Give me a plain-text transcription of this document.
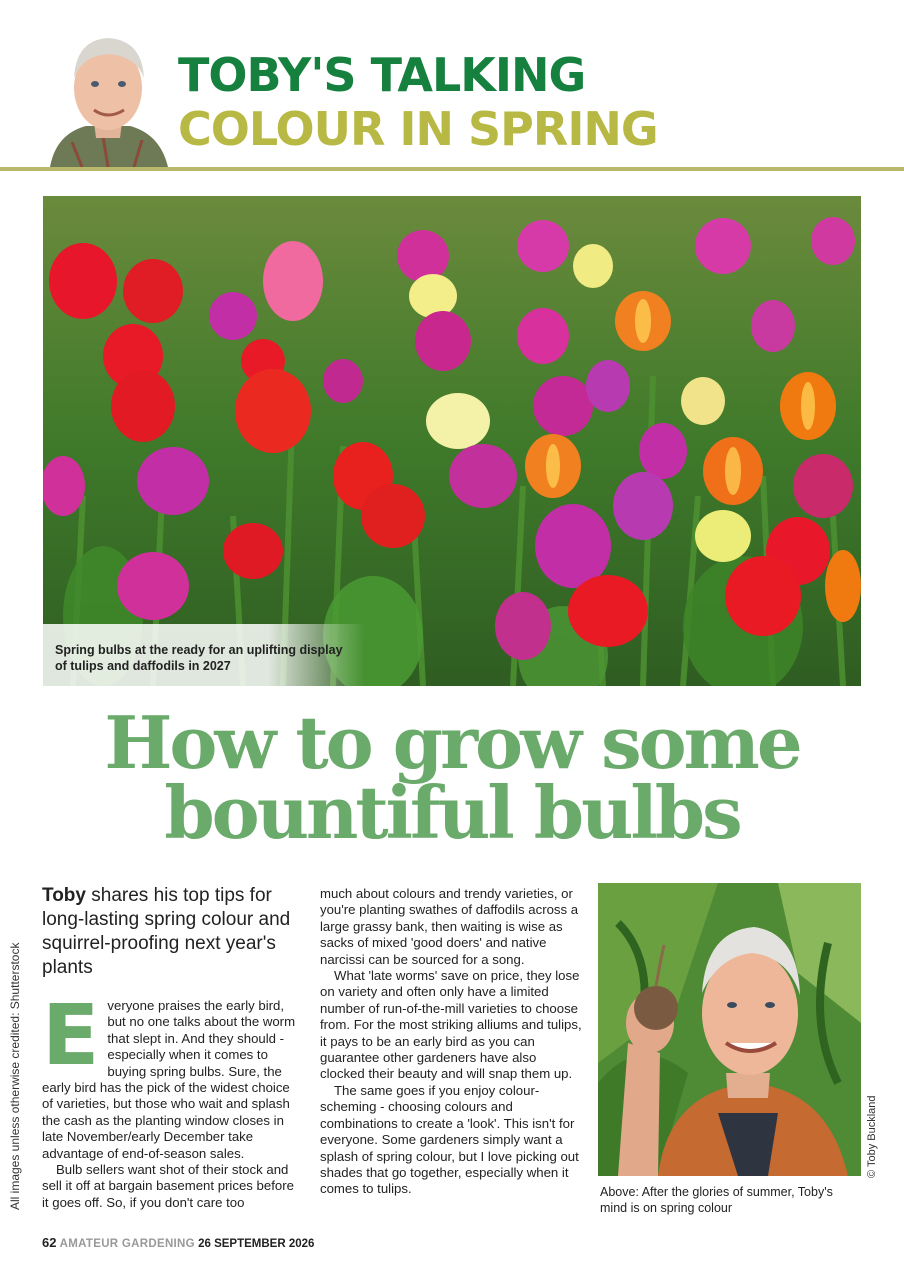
TOBY'S TALKING
COLOUR IN SPRING
Spring bulbs at the ready for an uplifting display of tulips and daffodils in 2027
How to grow some bountiful bulbs
All images unless otherwise credited: Shutterstock

Toby shares his top tips for long-lasting spring colour and squirrel-proofing next year's plants

Everyone praises the early bird, but no one talks about the worm that slept in. And they should - especially when it comes to buying spring bulbs. Sure, the early bird has the pick of the widest choice of varieties, but those who wait and splash the cash as the planting window closes in late November/early December take advantage of end-of-season sales.

Bulb sellers want shot of their stock and sell it off at bargain basement prices before it goes off. So, if you don't care too

much about colours and trendy varieties, or you're planting swathes of daffodils across a large grassy bank, then waiting is wise as sacks of mixed 'good doers' and native narcissi can be sourced for a song.

What 'late worms' save on price, they lose on variety and often only have a limited number of run-of-the-mill varieties to choose from. For the most striking alliums and tulips, it pays to be an early bird as you can guarantee other gardeners have also clocked their beauty and will snap them up.

The same goes if you enjoy colour-scheming - choosing colours and combinations to create a 'look'. This isn't for everyone. Some gardeners simply want a splash of spring colour, but I love picking out shades that go together, especially when it comes to tulips.

© Toby Buckland
Above: After the glories of summer, Toby's mind is on spring colour
62 AMATEUR GARDENING 26 SEPTEMBER 2026
